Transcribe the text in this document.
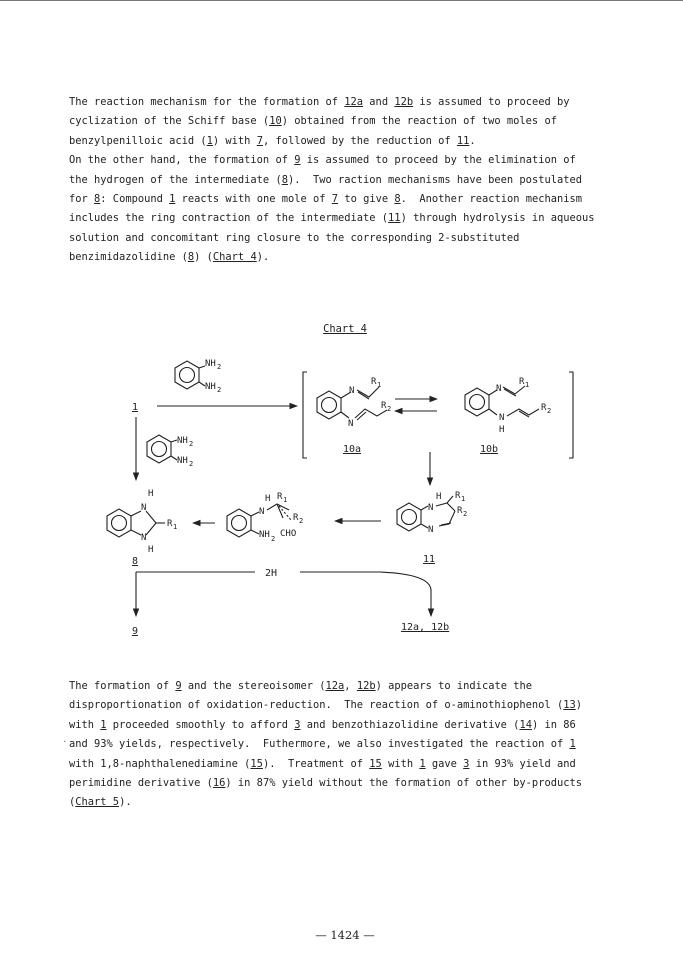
The reaction mechanism for the formation of 12a and 12b is assumed to proceed by
cyclization of the Schiff base (10) obtained from the reaction of two moles of
benzylpenilloic acid (1) with 7, followed by the reduction of 11.
On the other hand, the formation of 9 is assumed to proceed by the elimination of
the hydrogen of the intermediate (8).  Two raction mechanisms have been postulated
for 8: Compound 1 reacts with one mole of 7 to give 8.  Another reaction mechanism
includes the ring contraction of the intermediate (11) through hydrolysis in aqueous
solution and concomitant ring closure to the corresponding 2-substituted
benzimidazolidine (8) (Chart 4).
Chart 4
NH 2
NH 2
NH 2
NH 2
1
N
R 1
N
R 2
10a
N
R 1
N
H
R 2
10b
H
N
R 1
R 2
N
11
H R 1
N
R 2
NH 2 CHO
H
N
N
H
R 1
8
2H
9	12a, 12b
.
The formation of 9 and the stereoisomer (12a, 12b) appears to indicate the
disproportionation of oxidation-reduction.  The reaction of o-aminothiophenol (13)
with 1 proceeded smoothly to afford 3 and benzothiazolidine derivative (14) in 86
and 93% yields, respectively.  Futhermore, we also investigated the reaction of 1
with 1,8-naphthalenediamine (15).  Treatment of 15 with 1 gave 3 in 93% yield and
perimidine derivative (16) in 87% yield without the formation of other by-products
(Chart 5).
— 1424 —
